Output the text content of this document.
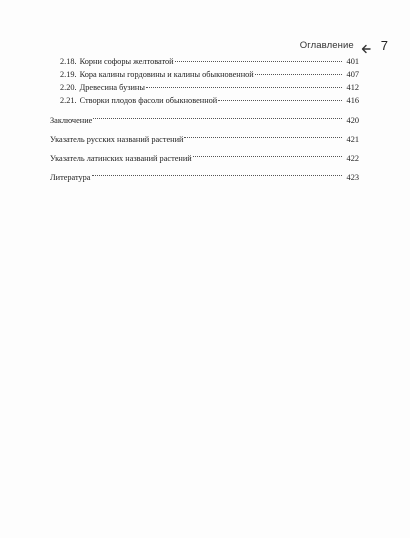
Оглавление 7
2.18. Корни софоры желтоватой	401
2.19. Кора калины гордовины и калины обыкновенной	407
2.20. Древесина бузины	412
2.21. Створки плодов фасоли обыкновенной	416
Заключение	420
Указатель русских названий растений	421
Указатель латинских названий растений	422
Литература	423
